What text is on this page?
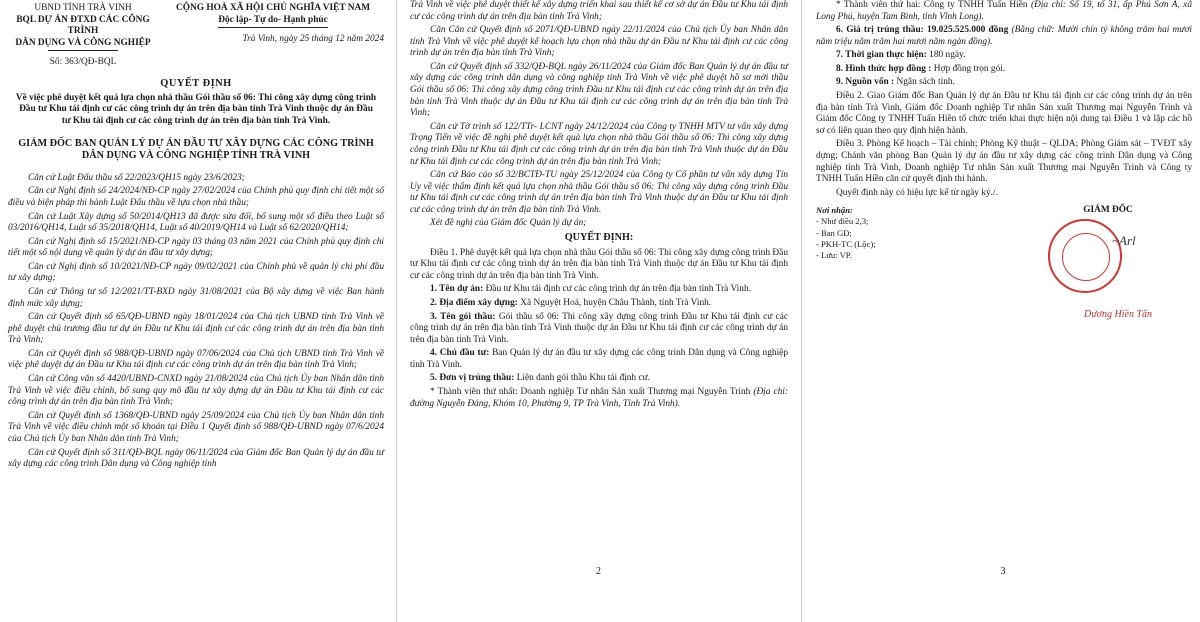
UBND TỈNH TRÀ VINH
BQL DỰ ÁN ĐTXD CÁC CÔNG TRÌNH
DÂN DỤNG VÀ CÔNG NGHIỆP
Số: 363/QĐ-BQL
CỘNG HOÀ XÃ HỘI CHỦ NGHĨA VIỆT NAM
Độc lập- Tự do- Hạnh phúc
Trà Vinh, ngày 25 tháng 12 năm 2024
QUYẾT ĐỊNH
Về việc phê duyệt kết quả lựa chọn nhà thầu Gói thầu số 06: Thi công xây dựng công trình Đầu tư Khu tái định cư các công trình dự án trên địa bàn tỉnh Trà Vinh thuộc dự án Đầu tư Khu tái định cư các công trình dự án trên địa bàn tỉnh Trà Vinh.
GIÁM ĐỐC BAN QUẢN LÝ DỰ ÁN ĐẦU TƯ XÂY DỰNG CÁC CÔNG TRÌNH DÂN DỤNG VÀ CÔNG NGHIỆP TỈNH TRÀ VINH

Căn cứ Luật Đấu thầu số 22/2023/QH15 ngày 23/6/2023;

Căn cứ Nghị định số 24/2024/NĐ-CP ngày 27/02/2024 của Chính phủ quy định chi tiết một số điều và biện pháp thi hành Luật Đấu thầu về lựa chọn nhà thầu;

Căn cứ Luật Xây dựng số 50/2014/QH13 đã được sửa đổi, bổ sung một số điều theo Luật số 03/2016/QH14, Luật số 35/2018/QH14, Luật số 40/2019/QH14 và Luật số 62/2020/QH14;

Căn cứ Nghị định số 15/2021/NĐ-CP ngày 03 tháng 03 năm 2021 của Chính phủ quy định chi tiết một số nội dung về quản lý dự án đầu tư xây dựng;

Căn cứ Nghị định số 10/2021/NĐ-CP ngày 09/02/2021 của Chính phủ về quản lý chi phí đầu tư xây dựng;

Căn cứ Thông tư số 12/2021/TT-BXD ngày 31/08/2021 của Bộ xây dựng về việc Ban hành định mức xây dựng;

Căn cứ Quyết định số 65/QĐ-UBND ngày 18/01/2024 của Chủ tịch UBND tỉnh Trà Vinh về phê duyệt chủ trương đầu tư dự án Đầu tư Khu tái định cư các công trình dự án trên địa bàn tỉnh Trà Vinh;

Căn cứ Quyết định số 988/QĐ-UBND ngày 07/06/2024 của Chủ tịch UBND tỉnh Trà Vinh về việc phê duyệt dự án Đầu tư Khu tái định cư các công trình dự án trên địa bàn tỉnh Trà Vinh;

Căn cứ Công văn số 4420/UBND-CNXD ngày 21/08/2024 của Chủ tịch Ủy ban Nhân dân tỉnh Trà Vinh về việc điều chỉnh, bổ sung quy mô đầu tư xây dựng dự án Đầu tư Khu tái định cư các công trình dự án trên địa bàn tỉnh Trà Vinh;

Căn cứ Quyết định số 1368/QĐ-UBND ngày 25/09/2024 của Chủ tịch Ủy ban Nhân dân tỉnh Trà Vinh về việc điều chỉnh một số khoản tại Điều 1 Quyết định số 988/QĐ-UBND ngày 07/6/2024 của Chủ tịch Ủy ban Nhân dân tỉnh Trà Vinh;

Căn cứ Quyết định số 311/QĐ-BQL ngày 06/11/2024 của Giám đốc Ban Quản lý dự án đầu tư xây dựng các công trình Dân dụng và Công nghiệp tỉnh

Trà Vinh về việc phê duyệt thiết kế xây dựng triển khai sau thiết kế cơ sở dự án Đầu tư Khu tái định cư các công trình dự án trên địa bàn tỉnh Trà Vinh;

Căn Căn cứ Quyết định số 2071/QĐ-UBND ngày 22/11/2024 của Chủ tịch Ủy ban Nhân dân tỉnh Trà Vinh về việc phê duyệt kế hoạch lựa chọn nhà thầu dự án Đầu tư Khu tái định cư các công trình dự án trên địa bàn tỉnh Trà Vinh;

Căn cứ Quyết định số 332/QĐ-BQL ngày 26/11/2024 của Giám đốc Ban Quản lý dự án đầu tư xây dựng các công trình dân dụng và công nghiệp tỉnh Trà Vinh về việc phê duyệt hồ sơ mời thầu Gói thầu số 06: Thi công xây dựng công trình Đầu tư Khu tái định cư các công trình dự án trên địa bàn tỉnh Trà Vinh thuộc dự án Đầu tư Khu tái định cư các công trình dự án trên địa bàn tỉnh Trà Vinh;

Căn cứ Tờ trình số 122/TTr- LCNT ngày 24/12/2024 của Công ty TNHH MTV tư vấn xây dựng Trọng Tiến về việc đề nghị phê duyệt kết quả lựa chọn nhà thầu Gói thầu số 06: Thi công xây dựng công trình Đầu tư Khu tái định cư các công trình dự án trên địa bàn tỉnh Trà Vinh thuộc dự án Đầu tư Khu tái định cư các công trình dự án trên địa bàn tỉnh Trà Vinh;

Căn cứ Báo cáo số 32/BCTĐ-TU ngày 25/12/2024 của Công ty Cổ phần tư vấn xây dựng Tín Uy về việc thẩm định kết quả lựa chọn nhà thầu Gói thầu số 06: Thi công xây dựng công trình Đầu tư Khu tái định cư các công trình dự án trên địa bàn tỉnh Trà Vinh thuộc dự án Đầu tư Khu tái định cư các công trình dự án trên địa bàn tỉnh Trà Vinh.

Xét đề nghị của Giám đốc Quản lý dự án;

QUYẾT ĐỊNH:

Điều 1. Phê duyệt kết quả lựa chọn nhà thầu Gói thầu số 06: Thi công xây dựng công trình Đầu tư Khu tái định cư các công trình dự án trên địa bàn tỉnh Trà Vinh thuộc dự án Đầu tư Khu tái định cư các công trình dự án trên địa bàn tỉnh Trà Vinh.

1. Tên dự án: Đầu tư Khu tái định cư các công trình dự án trên địa bàn tỉnh Trà Vinh.

2. Địa điểm xây dựng: Xã Nguyệt Hoá, huyện Châu Thành, tỉnh Trà Vinh.

3. Tên gói thầu: Gói thầu số 06: Thi công xây dựng công trình Đầu tư Khu tái định cư các công trình dự án trên địa bàn tỉnh Trà Vinh thuộc dự án Đầu tư Khu tái định cư các công trình dự án trên địa bàn tỉnh Trà Vinh.

4. Chủ đầu tư: Ban Quản lý dự án đầu tư xây dựng các công trình Dân dụng và Công nghiệp tỉnh Trà Vinh.

5. Đơn vị trúng thầu: Liên danh gói thầu Khu tái định cư.

* Thành viên thứ nhất: Doanh nghiệp Tư nhân Sản xuất Thương mại Nguyễn Trình (Địa chỉ: đường Nguyễn Đáng, Khóm 10, Phường 9, TP Trà Vinh, Tỉnh Trà Vinh).

2

* Thành viên thứ hai: Công ty TNHH Tuấn Hiền (Địa chỉ: Số 19, tổ 31, ấp Phú Sơn A, xã Long Phú, huyện Tam Bình, tỉnh Vĩnh Long).

6. Giá trị trúng thầu: 19.025.525.000 đồng (Bằng chữ: Mười chín tỷ không trăm hai mươi năm triệu năm trăm hai mươi năm ngàn đồng).

7. Thời gian thực hiện: 180 ngày.

8. Hình thức hợp đồng : Hợp đồng trọn gói.

9. Nguồn vốn : Ngân sách tỉnh.

Điều 2. Giao Giám đốc Ban Quản lý dự án Đầu tư Khu tái định cư các công trình dự án trên địa bàn tỉnh Trà Vinh, Giám đốc Doanh nghiệp Tư nhân Sản xuất Thương mại Nguyễn Trình và Giám đốc Công ty TNHH Tuấn Hiền tổ chức triển khai thực hiện nội dung tại Điều 1 và lập các hồ sơ có liên quan theo quy định hiện hành.

Điều 3. Phòng Kế hoạch – Tài chính; Phòng Kỹ thuật – QLDA; Phòng Giám sát – TVĐT xây dựng; Chánh văn phòng Ban Quản lý dự án đầu tư xây dựng các công trình Dân dụng và Công nghiệp tỉnh Trà Vinh, Doanh nghiệp Tư nhân Sản xuất Thương mại Nguyễn Trình và Công ty TNHH Tuấn Hiền căn cứ quyết định thi hành.

Quyết định này có hiệu lực kể từ ngày ký./.

Nơi nhận:
- Như điều 2,3;
- Ban GĐ;
- PKH-TC (Lộc);
- Lưu: VP.
GIÁM ĐỐC
~Arl
Dương Hiền Tấn
3
